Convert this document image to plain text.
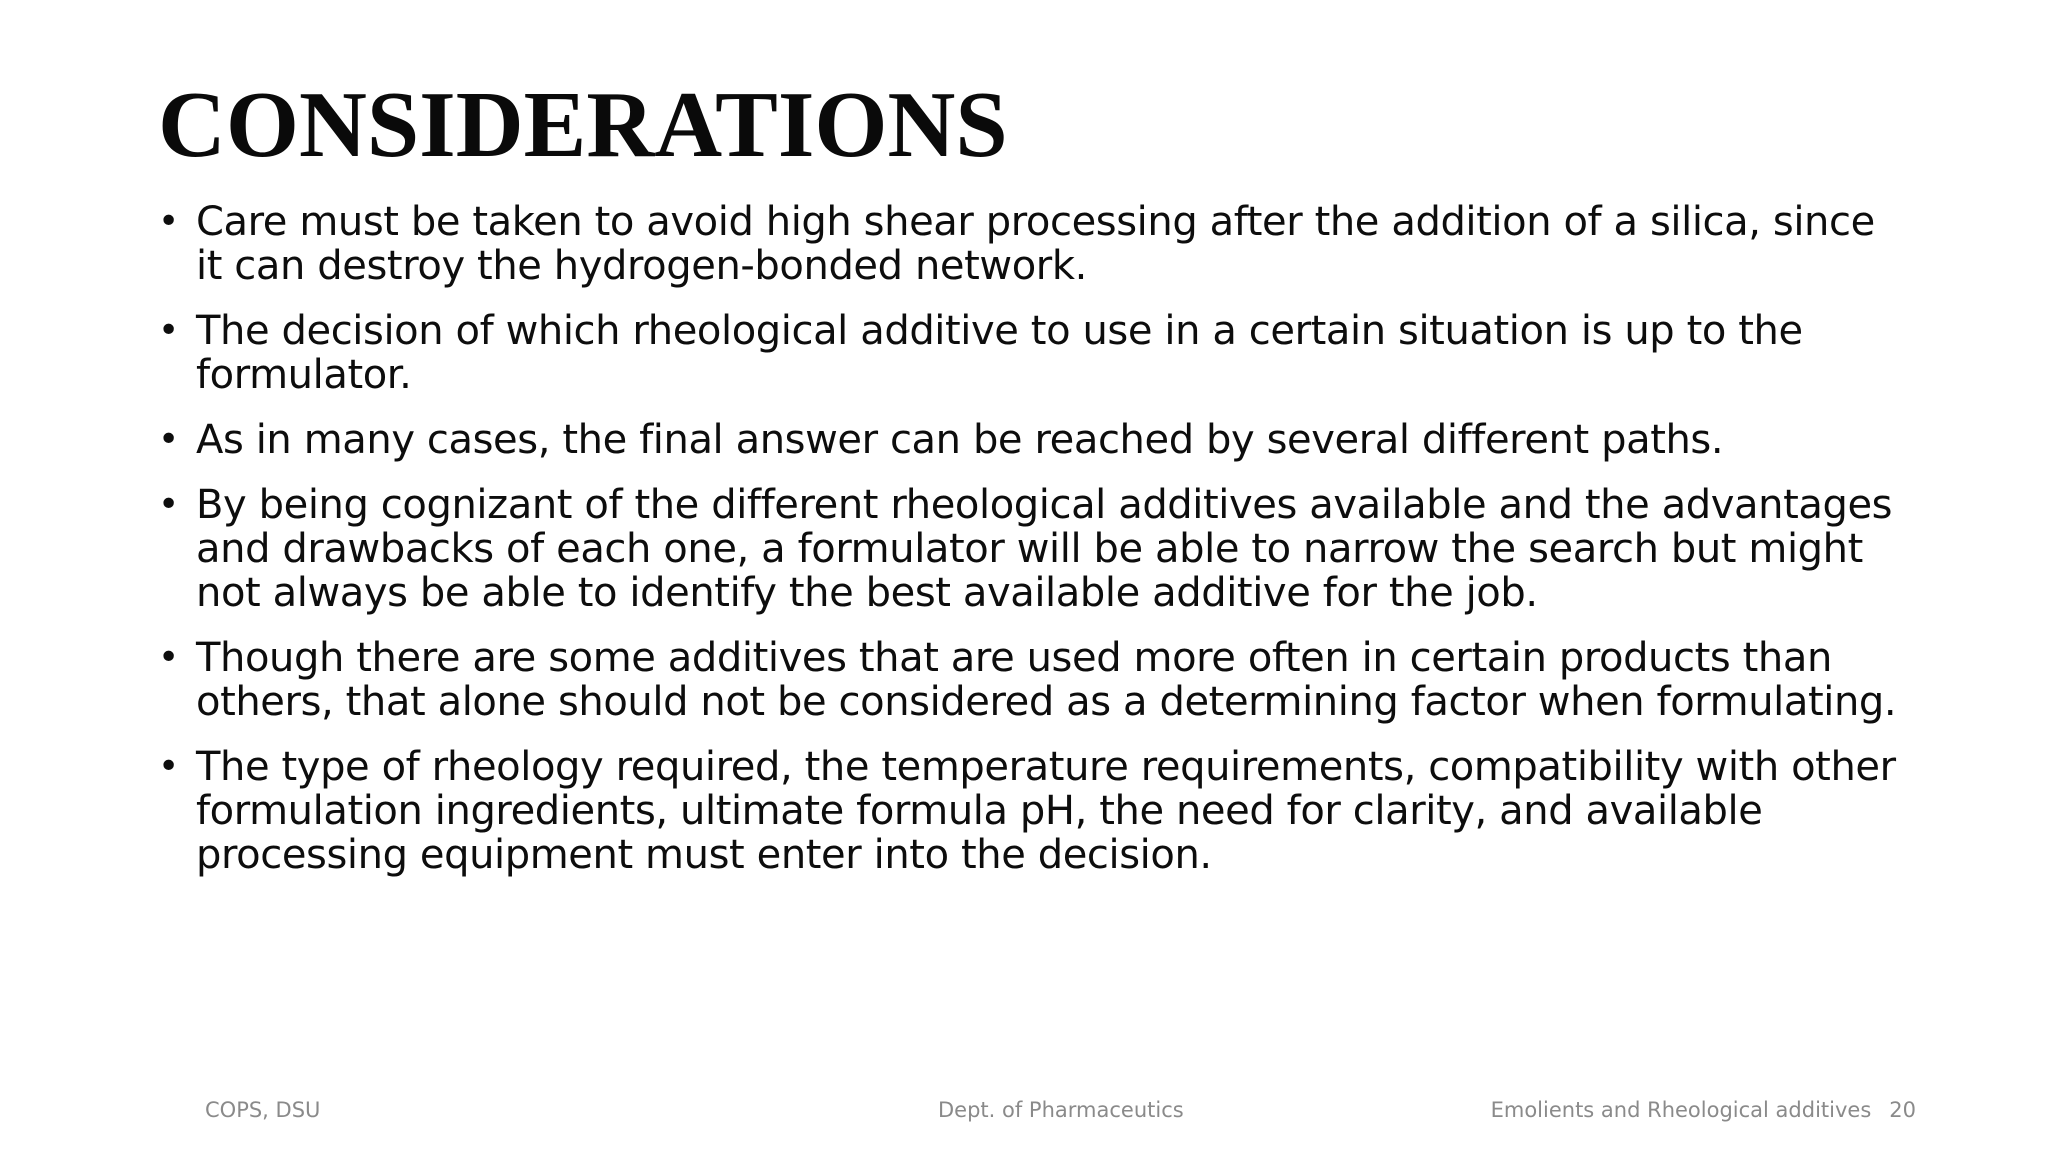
CONSIDERATIONS
• Care must be taken to avoid high shear processing after the addition of a silica, since it can destroy the hydrogen-bonded network.
• The decision of which rheological additive to use in a certain situation is up to the formulator.
• As in many cases, the final answer can be reached by several different paths.
• By being cognizant of the different rheological additives available and the advantages and drawbacks of each one, a formulator will be able to narrow the search but might not always be able to identify the best available additive for the job.
• Though there are some additives that are used more often in certain products than others, that alone should not be considered as a determining factor when formulating.
• The type of rheology required, the temperature requirements, compatibility with other formulation ingredients, ultimate formula pH, the need for clarity, and available processing equipment must enter into the decision.
COPS, DSU	Dept. of Pharmaceutics	Emolients and Rheological additives 20
